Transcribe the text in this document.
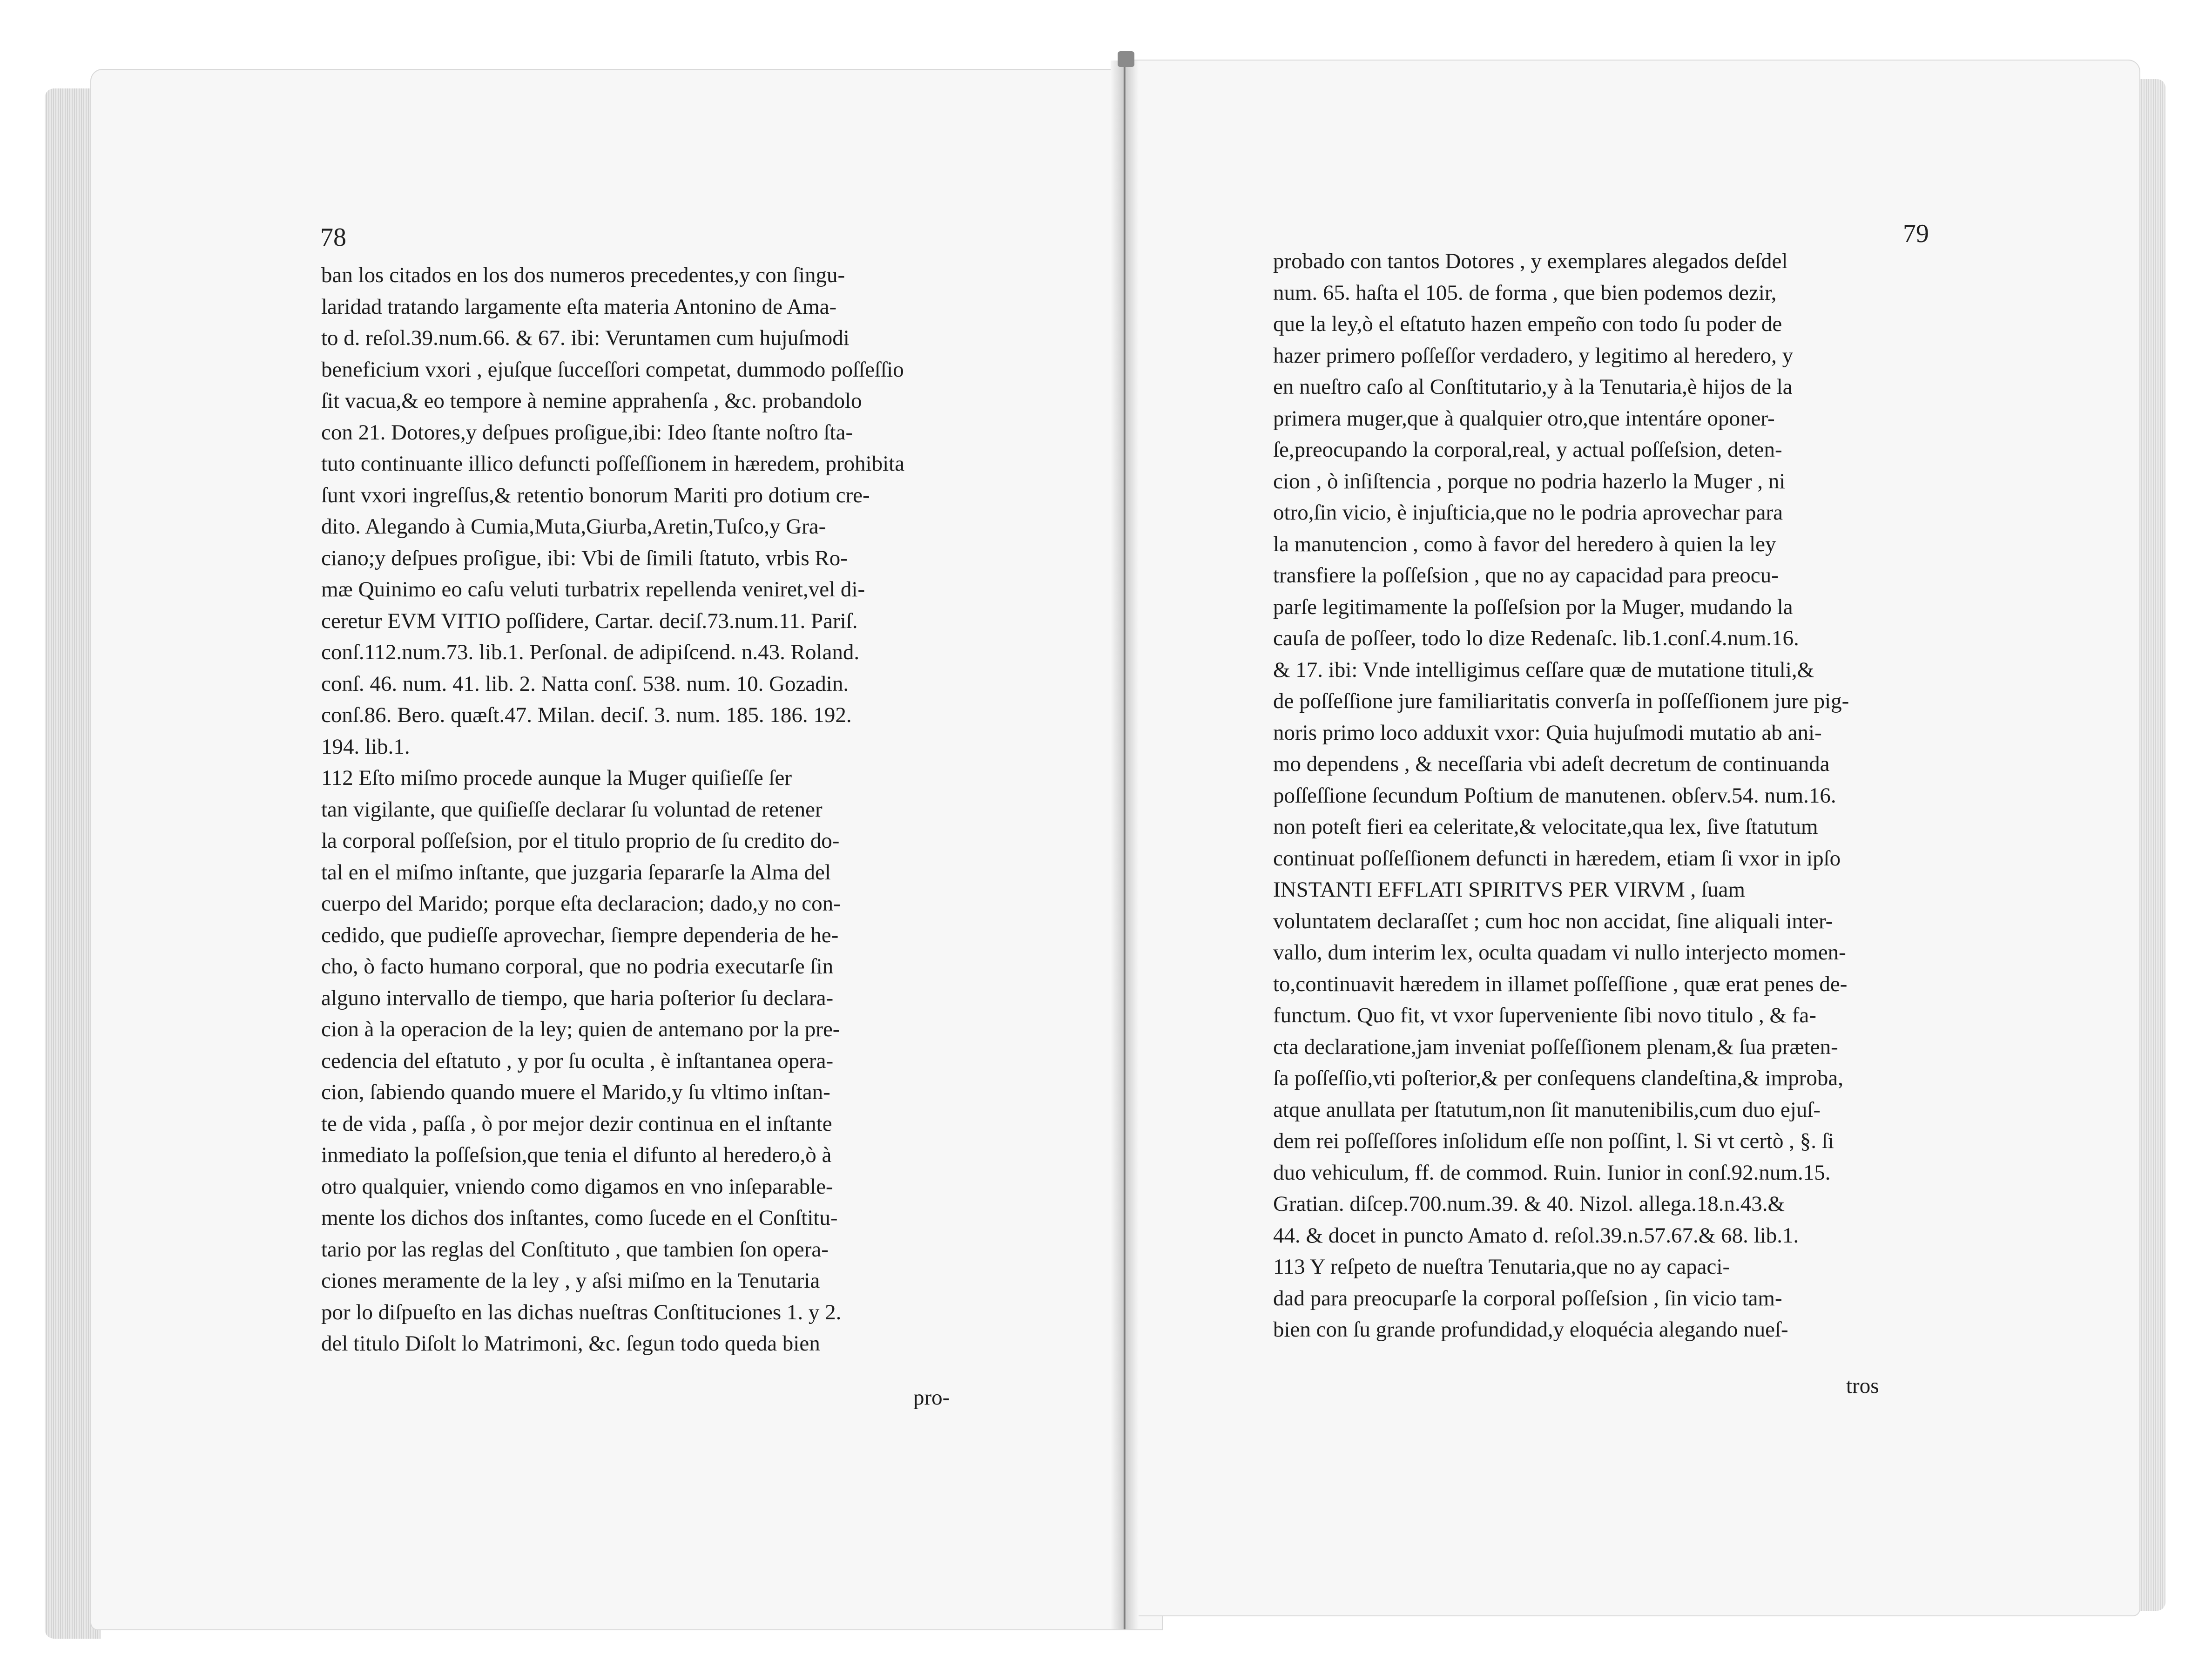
78
ban los citados en los dos numeros precedentes,y con ſingu-
laridad tratando largamente eſta materia Antonino de Ama-
to d. reſol.39.num.66. & 67. ibi: Veruntamen cum hujuſmodi
beneficium vxori , ejuſque ſucceſſori competat, dummodo poſſeſſio
ſit vacua,& eo tempore à nemine apprahenſa , &c. probandolo
con 21. Dotores,y deſpues proſigue,ibi: Ideo ſtante noſtro ſta-
tuto continuante illico defuncti poſſeſſionem in hæredem, prohibita
ſunt vxori ingreſſus,& retentio bonorum Mariti pro dotium cre-
dito. Alegando à Cumia,Muta,Giurba,Aretin,Tuſco,y Gra-
ciano;y deſpues proſigue, ibi: Vbi de ſimili ſtatuto, vrbis Ro-
mæ Quinimo eo caſu veluti turbatrix repellenda veniret,vel di-
ceretur EVM VITIO poſſidere, Cartar. deciſ.73.num.11. Pariſ.
conſ.112.num.73. lib.1. Perſonal. de adipiſcend. n.43. Roland.
conſ. 46. num. 41. lib. 2. Natta conſ. 538. num. 10. Gozadin.
conſ.86. Bero. quæſt.47. Milan. deciſ. 3. num. 185. 186. 192.
194. lib.1.
112 Eſto miſmo procede aunque la Muger quiſieſſe ſer
tan vigilante, que quiſieſſe declarar ſu voluntad de retener
la corporal poſſeſsion, por el titulo proprio de ſu credito do-
tal en el miſmo inſtante, que juzgaria ſepararſe la Alma del
cuerpo del Marido; porque eſta declaracion; dado,y no con-
cedido, que pudieſſe aprovechar, ſiempre dependeria de he-
cho, ò facto humano corporal, que no podria executarſe ſin
alguno intervallo de tiempo, que haria poſterior ſu declara-
cion à la operacion de la ley; quien de antemano por la pre-
cedencia del eſtatuto , y por ſu oculta , è inſtantanea opera-
cion, ſabiendo quando muere el Marido,y ſu vltimo inſtan-
te de vida , paſſa , ò por mejor dezir continua en el inſtante
inmediato la poſſeſsion,que tenia el difunto al heredero,ò à
otro qualquier, vniendo como digamos en vno inſeparable-
mente los dichos dos inſtantes, como ſucede en el Conſtitu-
tario por las reglas del Conſtituto , que tambien ſon opera-
ciones meramente de la ley , y aſsi miſmo en la Tenutaria
por lo diſpueſto en las dichas nueſtras Conſtituciones 1. y 2.
del titulo Diſolt lo Matrimoni, &c. ſegun todo queda bien
pro-
79
probado con tantos Dotores , y exemplares alegados deſdel
num. 65. haſta el 105. de forma , que bien podemos dezir,
que la ley,ò el eſtatuto hazen empeño con todo ſu poder de
hazer primero poſſeſſor verdadero, y legitimo al heredero, y
en nueſtro caſo al Conſtitutario,y à la Tenutaria,è hijos de la
primera muger,que à qualquier otro,que intentáre oponer-
ſe,preocupando la corporal,real, y actual poſſeſsion, deten-
cion , ò inſiſtencia , porque no podria hazerlo la Muger , ni
otro,ſin vicio, è injuſticia,que no le podria aprovechar para
la manutencion , como à favor del heredero à quien la ley
transfiere la poſſeſsion , que no ay capacidad para preocu-
parſe legitimamente la poſſeſsion por la Muger, mudando la
cauſa de poſſeer, todo lo dize Redenaſc. lib.1.conſ.4.num.16.
& 17. ibi: Vnde intelligimus ceſſare quæ de mutatione tituli,&
de poſſeſſione jure familiaritatis converſa in poſſeſſionem jure pig-
noris primo loco adduxit vxor: Quia hujuſmodi mutatio ab ani-
mo dependens , & neceſſaria vbi adeſt decretum de continuanda
poſſeſſione ſecundum Poſtium de manutenen. obſerv.54. num.16.
non poteſt fieri ea celeritate,& velocitate,qua lex, ſive ſtatutum
continuat poſſeſſionem defuncti in hæredem, etiam ſi vxor in ipſo
INSTANTI EFFLATI SPIRITVS PER VIRVM , ſuam
voluntatem declaraſſet ; cum hoc non accidat, ſine aliquali inter-
vallo, dum interim lex, oculta quadam vi nullo interjecto momen-
to,continuavit hæredem in illamet poſſeſſione , quæ erat penes de-
functum. Quo fit, vt vxor ſuperveniente ſibi novo titulo , & fa-
cta declaratione,jam inveniat poſſeſſionem plenam,& ſua præten-
ſa poſſeſſio,vti poſterior,& per conſequens clandeſtina,& improba,
atque anullata per ſtatutum,non ſit manutenibilis,cum duo ejuſ-
dem rei poſſeſſores inſolidum eſſe non poſſint, l. Si vt certò , §. ſi
duo vehiculum, ff. de commod. Ruin. Iunior in conſ.92.num.15.
Gratian. diſcep.700.num.39. & 40. Nizol. allega.18.n.43.&
44. & docet in puncto Amato d. reſol.39.n.57.67.& 68. lib.1.
113 Y reſpeto de nueſtra Tenutaria,que no ay capaci-
dad para preocuparſe la corporal poſſeſsion , ſin vicio tam-
bien con ſu grande profundidad,y eloquécia alegando nueſ-
tros
